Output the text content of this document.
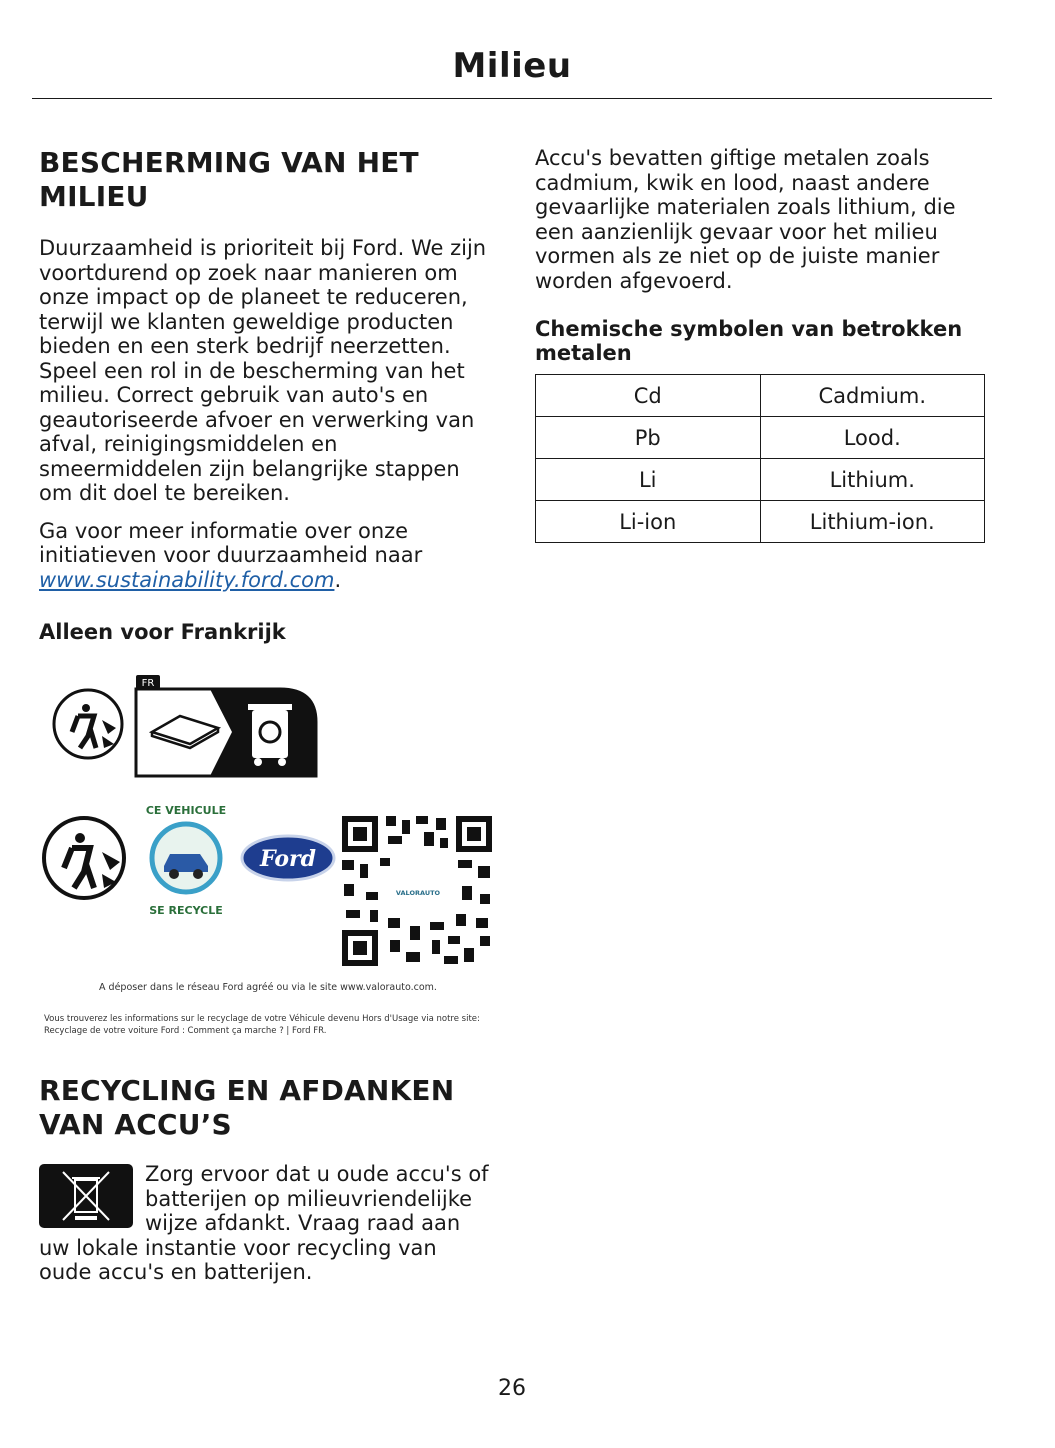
Milieu
BESCHERMING VAN HET MILIEU

Duurzaamheid is prioriteit bij Ford. We zijn voortdurend op zoek naar manieren om onze impact op de planeet te reduceren, terwijl we klanten geweldige producten bieden en een sterk bedrijf neerzetten. Speel een rol in de bescherming van het milieu. Correct gebruik van auto's en geautoriseerde afvoer en verwerking van afval, reinigingsmiddelen en smeermiddelen zijn belangrijke stappen om dit doel te bereiken.

Ga voor meer informatie over onze initiatieven voor duurzaamheid naar www.sustainability.ford.com.

Alleen voor Frankrijk
FR
CE VÉHICULE
SE RECYCLE
Ford
VALORAUTO
A déposer dans le réseau Ford agréé ou via le site www.valorauto.com.
Vous trouverez les informations sur le recyclage de votre Véhicule devenu Hors d'Usage via notre site:
Recyclage de votre voiture Ford : Comment ça marche ? | Ford FR.
RECYCLING EN AFDANKEN VAN ACCU’S

Zorg ervoor dat u oude accu's of batterijen op milieuvriendelijke wijze afdankt. Vraag raad aan uw lokale instantie voor recycling van oude accu's en batterijen.

Accu's bevatten giftige metalen zoals cadmium, kwik en lood, naast andere gevaarlijke materialen zoals lithium, die een aanzienlijk gevaar voor het milieu vormen als ze niet op de juiste manier worden afgevoerd.

Chemische symbolen van betrokken metalen
Cd	Cadmium.
Pb	Lood.
Li	Lithium.
Li-ion	Lithium-ion.
26
